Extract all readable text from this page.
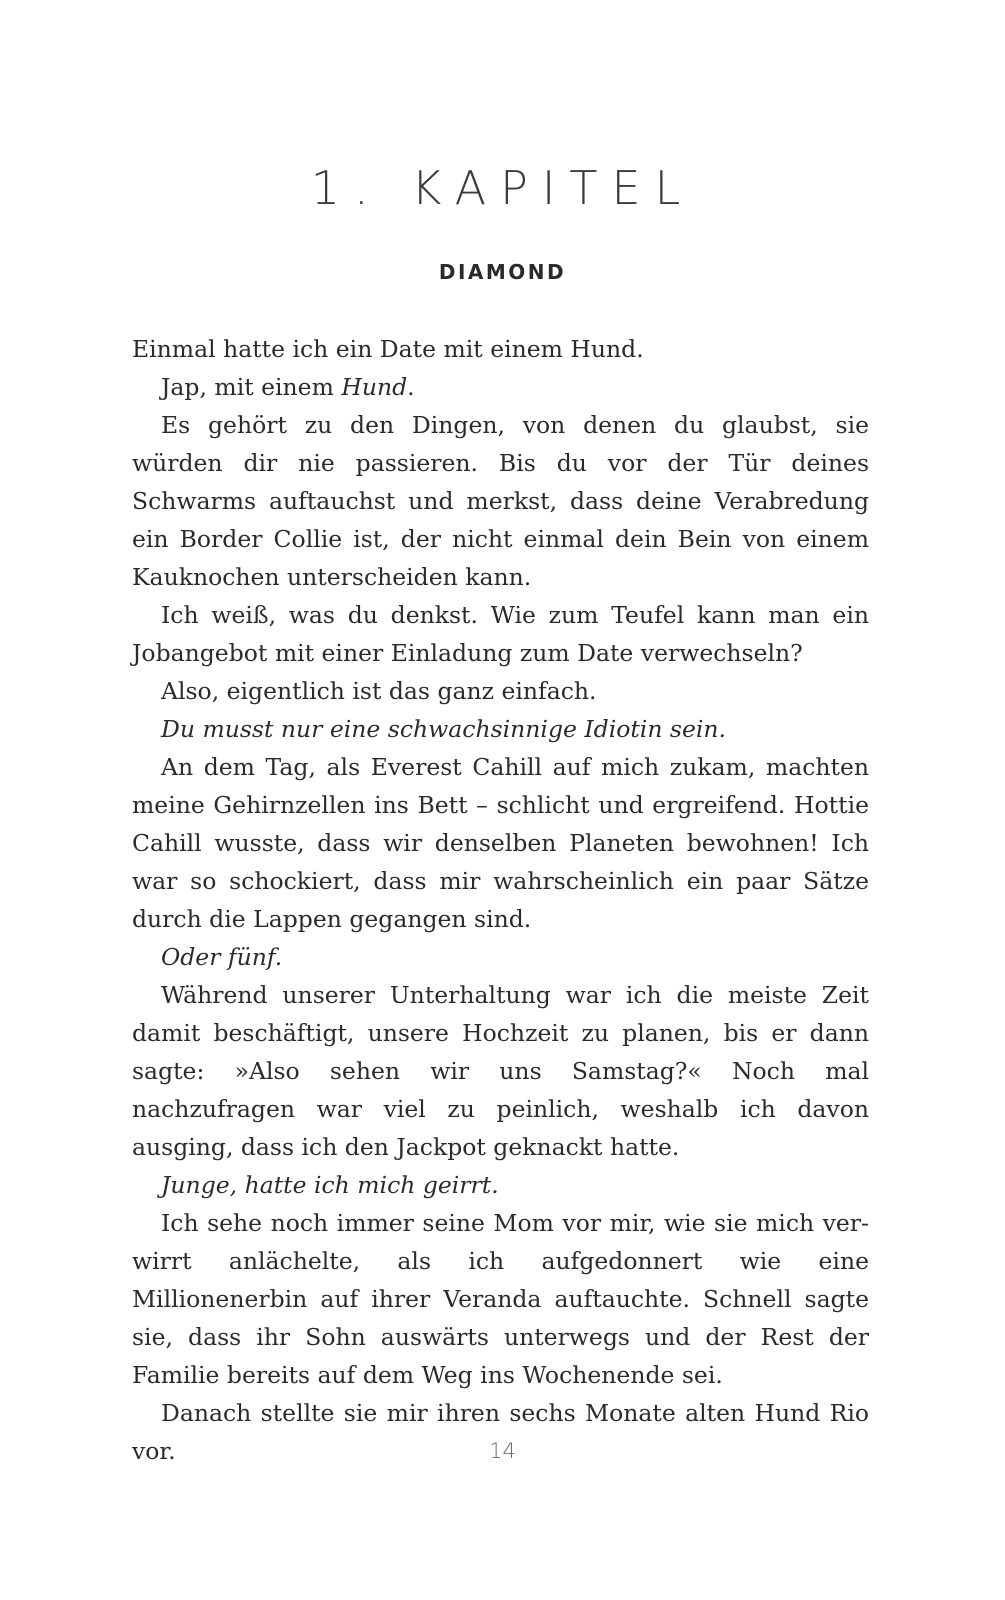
1. KAPITEL
DIAMOND

Einmal hatte ich ein Date mit einem Hund.

Jap, mit einem Hund.

Es gehört zu den Dingen, von denen du glaubst, sie würden dir nie passieren. Bis du vor der Tür deines Schwarms auftauchst und merkst, dass deine Verabredung ein Border Collie ist, der nicht einmal dein Bein von einem Kauknochen unterscheiden kann.

Ich weiß, was du denkst. Wie zum Teufel kann man ein Jobangebot mit einer Einladung zum Date verwechseln?

Also, eigentlich ist das ganz einfach.

Du musst nur eine schwachsinnige Idiotin sein.

An dem Tag, als Everest Cahill auf mich zukam, machten meine Gehirnzellen ins Bett – schlicht und ergreifend. Hottie Cahill wusste, dass wir denselben Planeten bewohnen! Ich war so schockiert, dass mir wahrscheinlich ein paar Sätze durch die Lappen gegangen sind.

Oder fünf.

Während unserer Unterhaltung war ich die meiste Zeit damit beschäftigt, unsere Hochzeit zu planen, bis er dann sagte: »Also sehen wir uns Samstag?« Noch mal nachzufragen war viel zu peinlich, weshalb ich davon ausging, dass ich den Jackpot geknackt hatte.

Junge, hatte ich mich geirrt.

Ich sehe noch immer seine Mom vor mir, wie sie mich verwirrt anlächelte, als ich aufgedonnert wie eine Millionenerbin auf ihrer Veranda auftauchte. Schnell sagte sie, dass ihr Sohn auswärts unterwegs und der Rest der Familie bereits auf dem Weg ins Wochenende sei.

Danach stellte sie mir ihren sechs Monate alten Hund Rio vor.	14
